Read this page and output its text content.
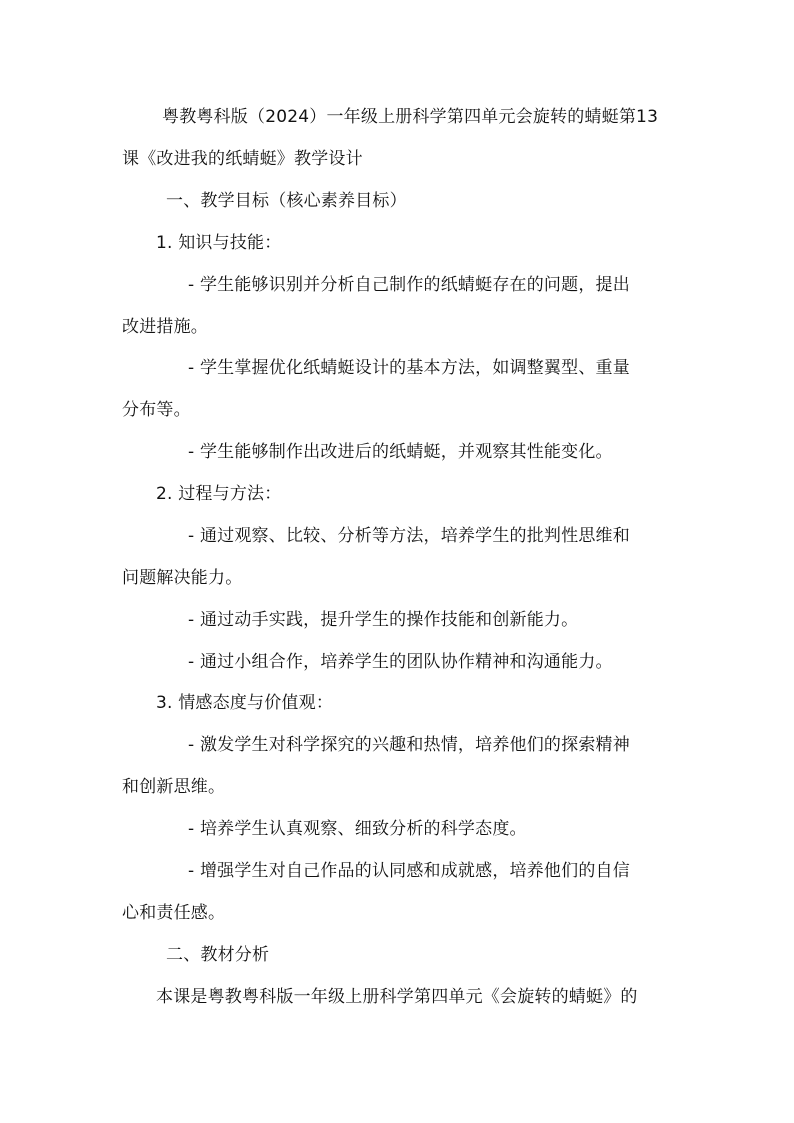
粤教粤科版（2024）一年级上册科学第四单元会旋转的蜻蜓第13
课《改进我的纸蜻蜓》教学设计
一、教学目标（核心素养目标）
1. 知识与技能：
- 学生能够识别并分析自己制作的纸蜻蜓存在的问题，提出
改进措施。
- 学生掌握优化纸蜻蜓设计的基本方法，如调整翼型、重量
分布等。
- 学生能够制作出改进后的纸蜻蜓，并观察其性能变化。
2. 过程与方法：
- 通过观察、比较、分析等方法，培养学生的批判性思维和
问题解决能力。
- 通过动手实践，提升学生的操作技能和创新能力。
- 通过小组合作，培养学生的团队协作精神和沟通能力。
3. 情感态度与价值观：
- 激发学生对科学探究的兴趣和热情，培养他们的探索精神
和创新思维。
- 培养学生认真观察、细致分析的科学态度。
- 增强学生对自己作品的认同感和成就感，培养他们的自信
心和责任感。
二、教材分析
本课是粤教粤科版一年级上册科学第四单元《会旋转的蜻蜓》的
